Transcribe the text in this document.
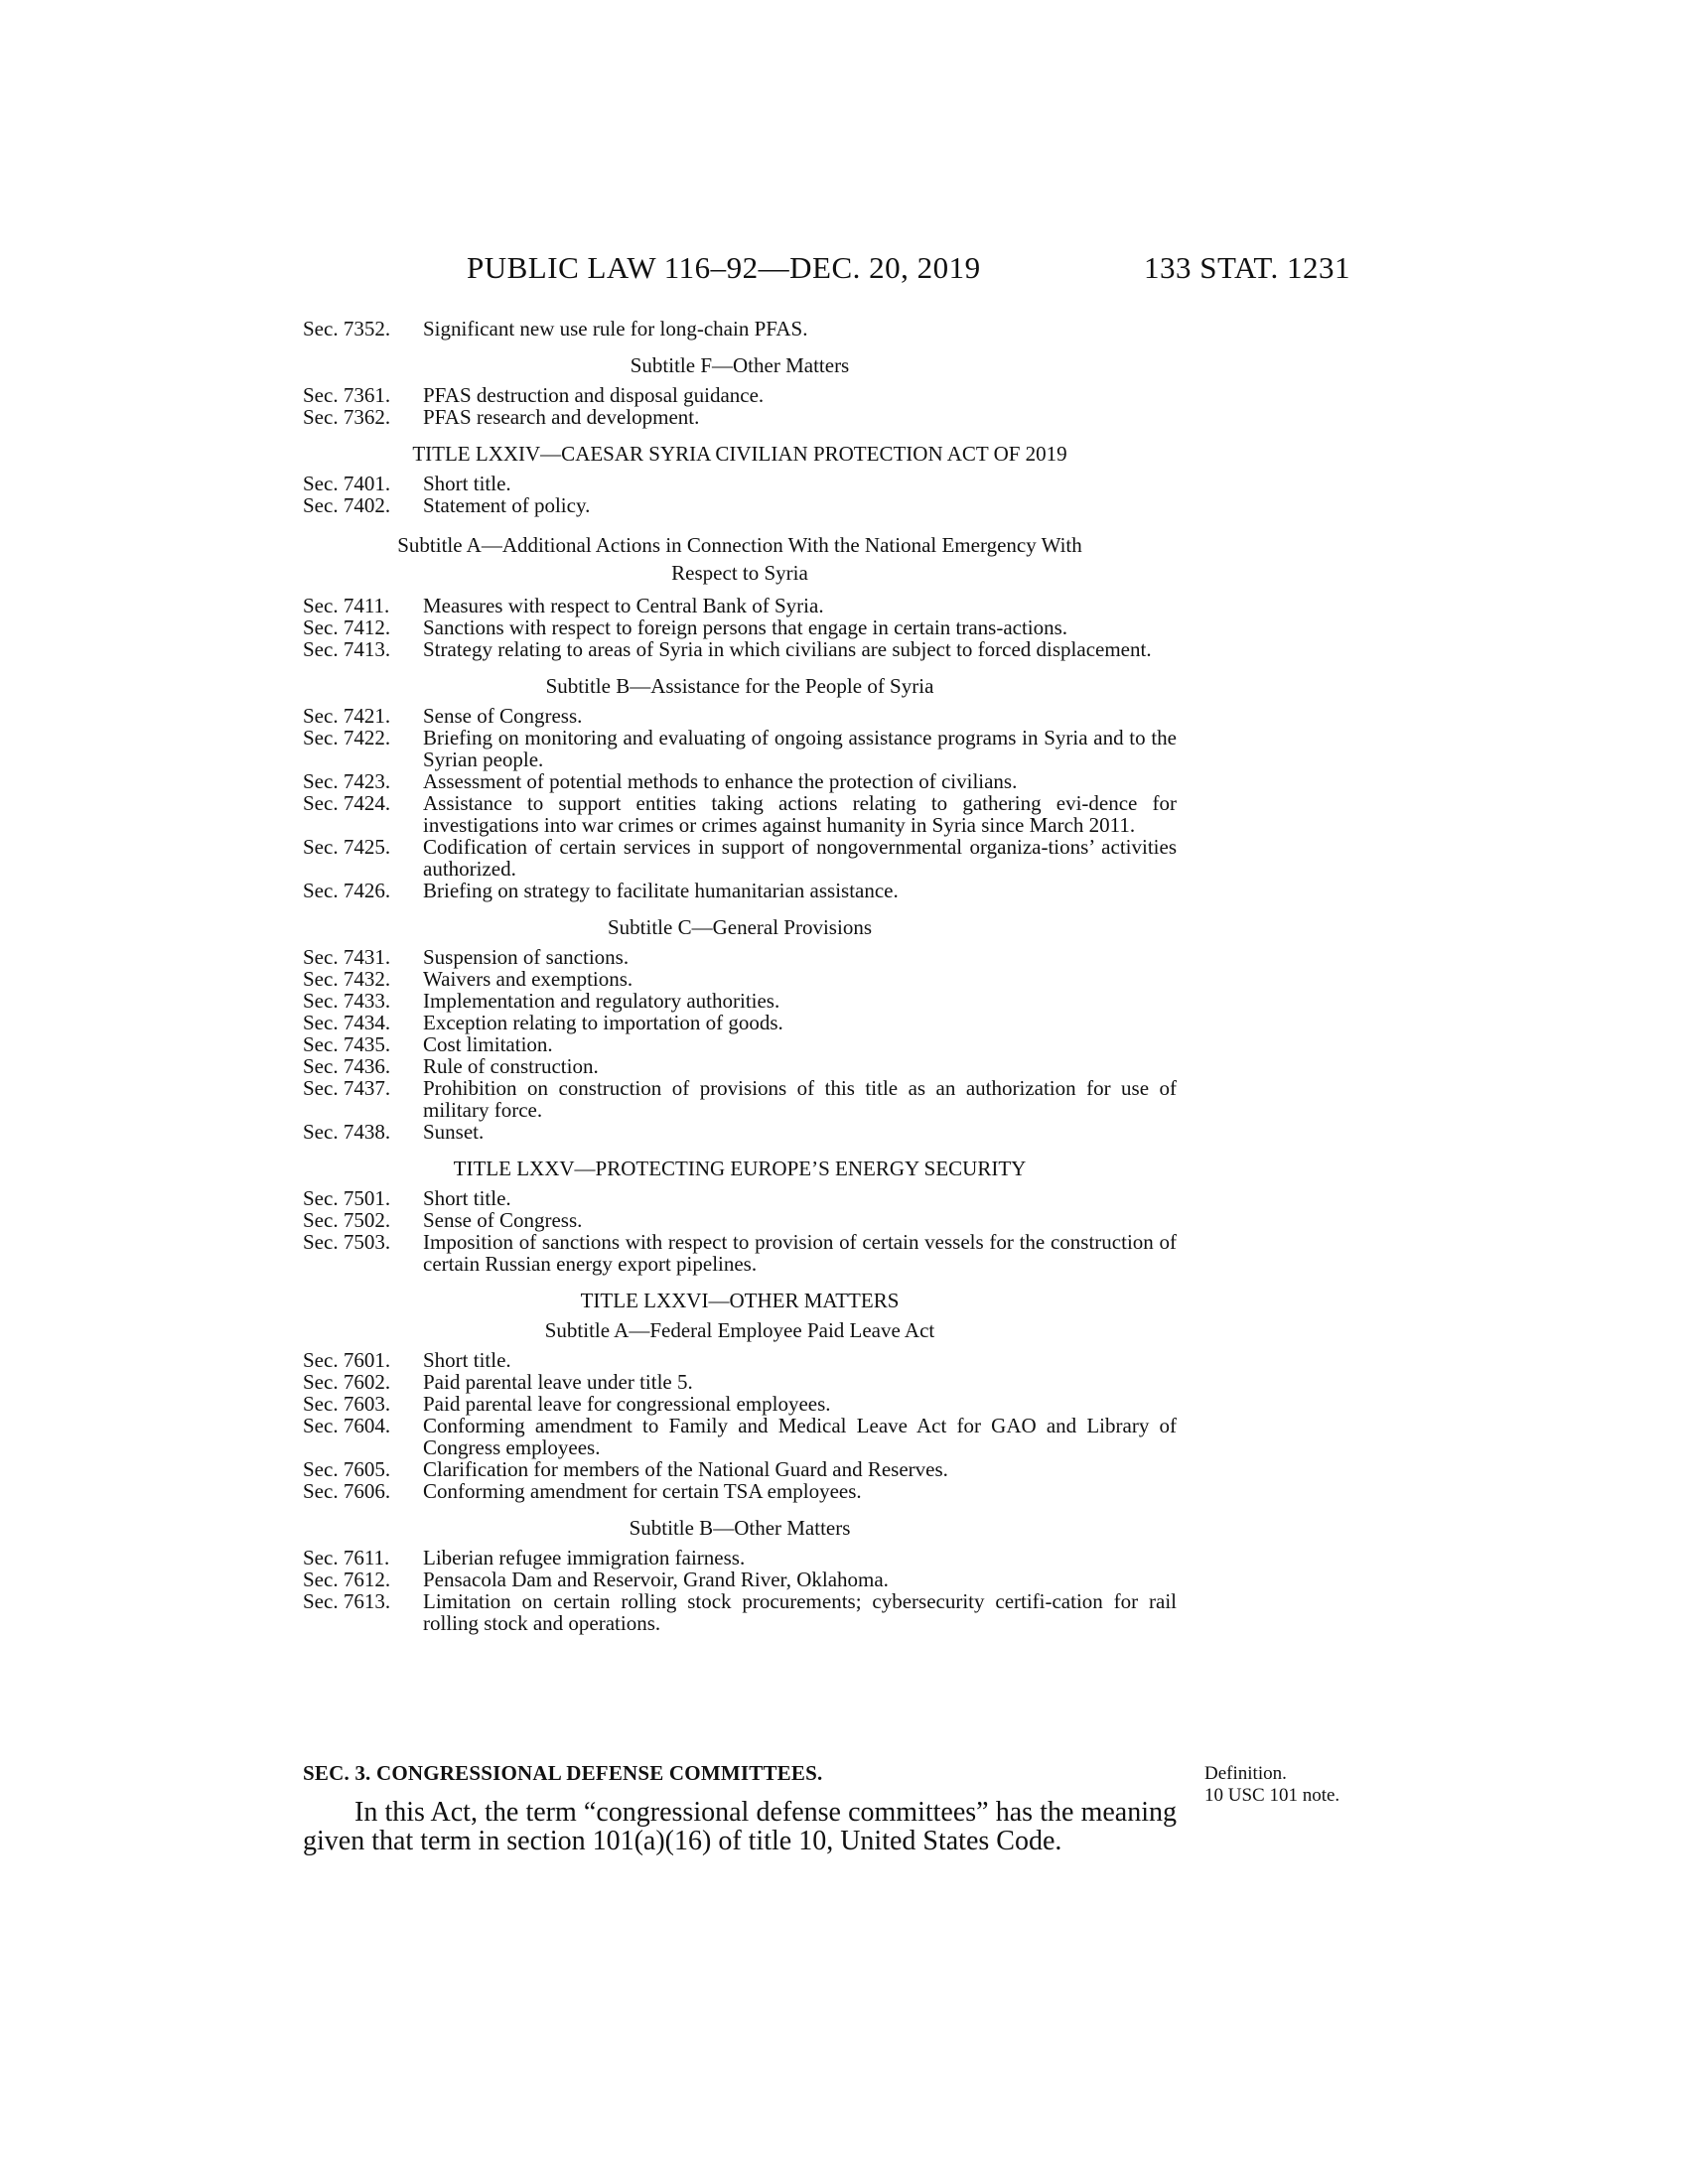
PUBLIC LAW 116–92—DEC. 20, 2019	133 STAT. 1231
Sec. 7352.	Significant new use rule for long-chain PFAS.
Subtitle F—Other Matters
Sec. 7361.	PFAS destruction and disposal guidance.
Sec. 7362.	PFAS research and development.
TITLE LXXIV—CAESAR SYRIA CIVILIAN PROTECTION ACT OF 2019
Sec. 7401.	Short title.
Sec. 7402.	Statement of policy.
Subtitle A—Additional Actions in Connection With the National Emergency With
Respect to Syria
Sec. 7411.	Measures with respect to Central Bank of Syria.
Sec. 7412.	Sanctions with respect to foreign persons that engage in certain trans-actions.
Sec. 7413.	Strategy relating to areas of Syria in which civilians are subject to forced displacement.
Subtitle B—Assistance for the People of Syria
Sec. 7421.	Sense of Congress.
Sec. 7422.	Briefing on monitoring and evaluating of ongoing assistance programs in Syria and to the Syrian people.
Sec. 7423.	Assessment of potential methods to enhance the protection of civilians.
Sec. 7424.	Assistance to support entities taking actions relating to gathering evi-dence for investigations into war crimes or crimes against humanity in Syria since March 2011.
Sec. 7425.	Codification of certain services in support of nongovernmental organiza-tions’ activities authorized.
Sec. 7426.	Briefing on strategy to facilitate humanitarian assistance.
Subtitle C—General Provisions
Sec. 7431.	Suspension of sanctions.
Sec. 7432.	Waivers and exemptions.
Sec. 7433.	Implementation and regulatory authorities.
Sec. 7434.	Exception relating to importation of goods.
Sec. 7435.	Cost limitation.
Sec. 7436.	Rule of construction.
Sec. 7437.	Prohibition on construction of provisions of this title as an authorization for use of military force.
Sec. 7438.	Sunset.
TITLE LXXV—PROTECTING EUROPE’S ENERGY SECURITY
Sec. 7501.	Short title.
Sec. 7502.	Sense of Congress.
Sec. 7503.	Imposition of sanctions with respect to provision of certain vessels for the construction of certain Russian energy export pipelines.
TITLE LXXVI—OTHER MATTERS
Subtitle A—Federal Employee Paid Leave Act
Sec. 7601.	Short title.
Sec. 7602.	Paid parental leave under title 5.
Sec. 7603.	Paid parental leave for congressional employees.
Sec. 7604.	Conforming amendment to Family and Medical Leave Act for GAO and Library of Congress employees.
Sec. 7605.	Clarification for members of the National Guard and Reserves.
Sec. 7606.	Conforming amendment for certain TSA employees.
Subtitle B—Other Matters
Sec. 7611.	Liberian refugee immigration fairness.
Sec. 7612.	Pensacola Dam and Reservoir, Grand River, Oklahoma.
Sec. 7613.	Limitation on certain rolling stock procurements; cybersecurity certifi-cation for rail rolling stock and operations.
SEC. 3. CONGRESSIONAL DEFENSE COMMITTEES.
In this Act, the term “congressional defense committees” has the meaning given that term in section 101(a)(16) of title 10, United States Code.
Definition.
10 USC 101 note.
